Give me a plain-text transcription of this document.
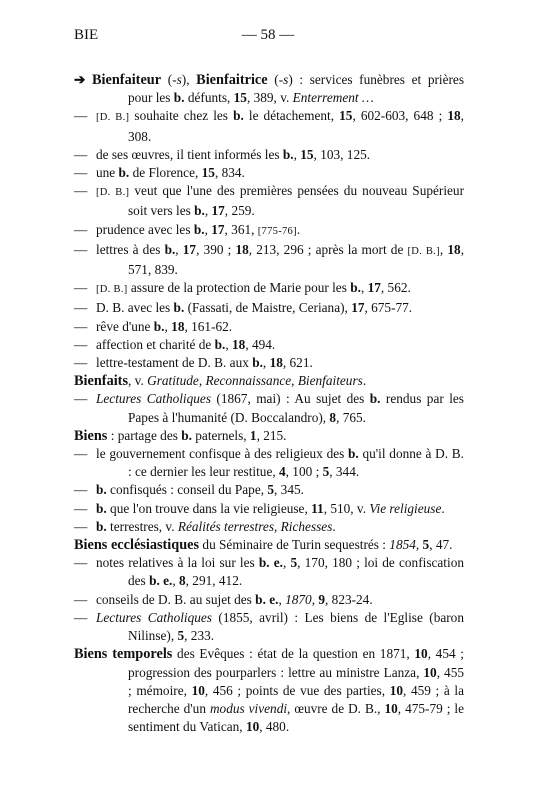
BIE	— 58 —

➔ Bienfaiteur (-s), Bienfaitrice (-s) : services funèbres et prières pour les b. défunts, 15, 389, v. Enterrement …

— [D. B.] souhaite chez les b. le détachement, 15, 602-603, 648 ; 18, 308.

— de ses œuvres, il tient informés les b., 15, 103, 125.

— une b. de Florence, 15, 834.

— [D. B.] veut que l'une des premières pensées du nouveau Supérieur soit vers les b., 17, 259.

— prudence avec les b., 17, 361, [775-76].

— lettres à des b., 17, 390 ; 18, 213, 296 ; après la mort de [D. B.], 18, 571, 839.

— [D. B.] assure de la protection de Marie pour les b., 17, 562.

— D. B. avec les b. (Fassati, de Maistre, Ceriana), 17, 675-77.

— rêve d'une b., 18, 161-62.

— affection et charité de b., 18, 494.

— lettre-testament de D. B. aux b., 18, 621.

Bienfaits, v. Gratitude, Reconnaissance, Bienfaiteurs.

— Lectures Catholiques (1867, mai) : Au sujet des b. rendus par les Papes à l'humanité (D. Boccalandro), 8, 765.

Biens : partage des b. paternels, 1, 215.

— le gouvernement confisque à des religieux des b. qu'il donne à D. B. : ce dernier les leur restitue, 4, 100 ; 5, 344.

— b. confisqués : conseil du Pape, 5, 345.

— b. que l'on trouve dans la vie religieuse, 11, 510, v. Vie religieuse.

— b. terrestres, v. Réalités terrestres, Richesses.

Biens ecclésiastiques du Séminaire de Turin sequestrés : 1854, 5, 47.

— notes relatives à la loi sur les b. e., 5, 170, 180 ; loi de confiscation des b. e., 8, 291, 412.

— conseils de D. B. au sujet des b. e., 1870, 9, 823-24.

— Lectures Catholiques (1855, avril) : Les biens de l'Eglise (baron Nilinse), 5, 233.

Biens temporels des Evêques : état de la question en 1871, 10, 454 ; progression des pourparlers : lettre au ministre Lanza, 10, 455 ; mémoire, 10, 456 ; points de vue des parties, 10, 459 ; à la recherche d'un modus vivendi, œuvre de D. B., 10, 475-79 ; le sentiment du Vatican, 10, 480.
